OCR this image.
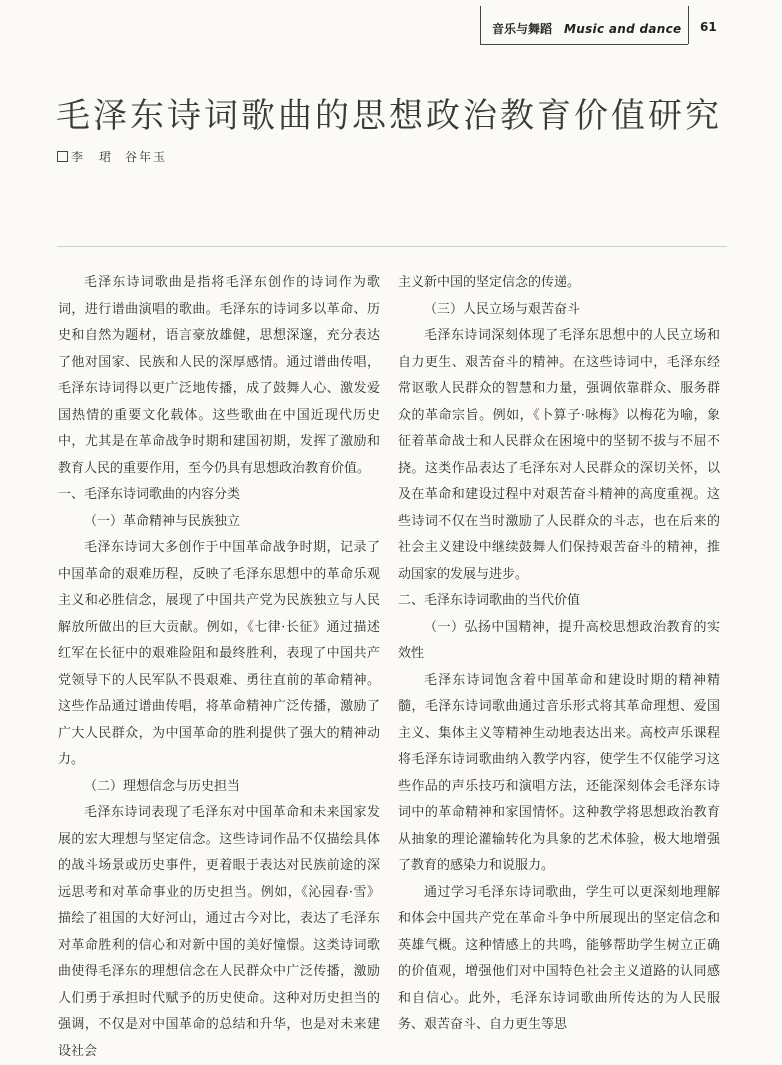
音乐与舞蹈 Music and dance 61
毛泽东诗词歌曲的思想政治教育价值研究
李　珺 谷年玉

毛泽东诗词歌曲是指将毛泽东创作的诗词作为歌词，进行谱曲演唱的歌曲。毛泽东的诗词多以革命、历史和自然为题材，语言豪放雄健，思想深邃，充分表达了他对国家、民族和人民的深厚感情。通过谱曲传唱，毛泽东诗词得以更广泛地传播，成了鼓舞人心、激发爱国热情的重要文化载体。这些歌曲在中国近现代历史中，尤其是在革命战争时期和建国初期，发挥了激励和教育人民的重要作用，至今仍具有思想政治教育价值。

一、毛泽东诗词歌曲的内容分类

（一）革命精神与民族独立

毛泽东诗词大多创作于中国革命战争时期，记录了中国革命的艰难历程，反映了毛泽东思想中的革命乐观主义和必胜信念，展现了中国共产党为民族独立与人民解放所做出的巨大贡献。例如，《七律·长征》通过描述红军在长征中的艰难险阻和最终胜利，表现了中国共产党领导下的人民军队不畏艰难、勇往直前的革命精神。这些作品通过谱曲传唱，将革命精神广泛传播，激励了广大人民群众，为中国革命的胜利提供了强大的精神动力。

（二）理想信念与历史担当

毛泽东诗词表现了毛泽东对中国革命和未来国家发展的宏大理想与坚定信念。这些诗词作品不仅描绘具体的战斗场景或历史事件，更着眼于表达对民族前途的深远思考和对革命事业的历史担当。例如，《沁园春·雪》描绘了祖国的大好河山，通过古今对比，表达了毛泽东对革命胜利的信心和对新中国的美好憧憬。这类诗词歌曲使得毛泽东的理想信念在人民群众中广泛传播，激励人们勇于承担时代赋予的历史使命。这种对历史担当的强调，不仅是对中国革命的总结和升华，也是对未来建设社会

主义新中国的坚定信念的传递。

（三）人民立场与艰苦奋斗

毛泽东诗词深刻体现了毛泽东思想中的人民立场和自力更生、艰苦奋斗的精神。在这些诗词中，毛泽东经常讴歌人民群众的智慧和力量，强调依靠群众、服务群众的革命宗旨。例如，《卜算子·咏梅》以梅花为喻，象征着革命战士和人民群众在困境中的坚韧不拔与不屈不挠。这类作品表达了毛泽东对人民群众的深切关怀，以及在革命和建设过程中对艰苦奋斗精神的高度重视。这些诗词不仅在当时激励了人民群众的斗志，也在后来的社会主义建设中继续鼓舞人们保持艰苦奋斗的精神，推动国家的发展与进步。

二、毛泽东诗词歌曲的当代价值

（一）弘扬中国精神，提升高校思想政治教育的实效性

毛泽东诗词饱含着中国革命和建设时期的精神精髓，毛泽东诗词歌曲通过音乐形式将其革命理想、爱国主义、集体主义等精神生动地表达出来。高校声乐课程将毛泽东诗词歌曲纳入教学内容，使学生不仅能学习这些作品的声乐技巧和演唱方法，还能深刻体会毛泽东诗词中的革命精神和家国情怀。这种教学将思想政治教育从抽象的理论灌输转化为具象的艺术体验，极大地增强了教育的感染力和说服力。

通过学习毛泽东诗词歌曲，学生可以更深刻地理解和体会中国共产党在革命斗争中所展现出的坚定信念和英雄气概。这种情感上的共鸣，能够帮助学生树立正确的价值观，增强他们对中国特色社会主义道路的认同感和自信心。此外，毛泽东诗词歌曲所传达的为人民服务、艰苦奋斗、自力更生等思
